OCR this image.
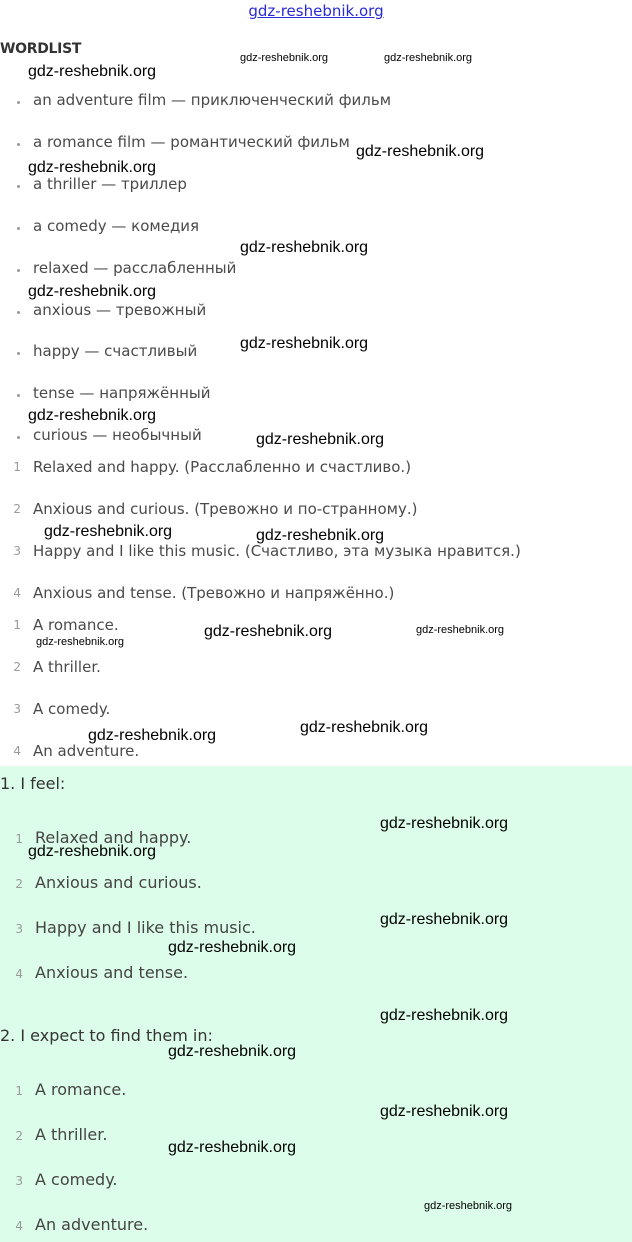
gdz-reshebnik.org
WORDLIST
an adventure film — приключенческий фильм
a romance film — романтический фильм
a thriller — триллер
a comedy — комедия
relaxed — расслабленный
anxious — тревожный
happy — счастливый
tense — напряжённый
curious — необычный
1 Relaxed and happy. (Расслабленно и счастливо.)
2 Anxious and curious. (Тревожно и по-странному.)
3 Happy and I like this music. (Счастливо, эта музыка нравится.)
4 Anxious and tense. (Тревожно и напряжённо.)
1 A romance.
2 A thriller.
3 A comedy.
4 An adventure.
1. I feel:
1 Relaxed and happy.
2 Anxious and curious.
3 Happy and I like this music.
4 Anxious and tense.
2. I expect to find them in:
1 A romance.
2 A thriller.
3 A comedy.
4 An adventure.
gdz-reshebnik.org	gdz-reshebnik.org
gdz-reshebnik.org
gdz-reshebnik.org
gdz-reshebnik.org
gdz-reshebnik.org
gdz-reshebnik.org
gdz-reshebnik.org
gdz-reshebnik.org
gdz-reshebnik.org
gdz-reshebnik.org	gdz-reshebnik.org
gdz-reshebnik.org	gdz-reshebnik.org
gdz-reshebnik.org
gdz-reshebnik.org
gdz-reshebnik.org
gdz-reshebnik.org
gdz-reshebnik.org
gdz-reshebnik.org
gdz-reshebnik.org
gdz-reshebnik.org
gdz-reshebnik.org
gdz-reshebnik.org
gdz-reshebnik.org
gdz-reshebnik.org
